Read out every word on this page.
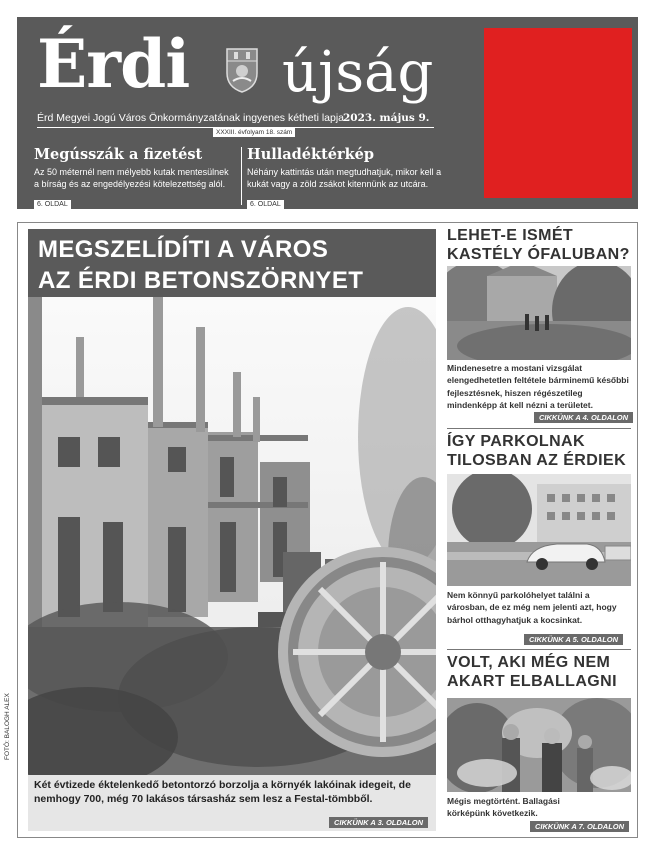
Érdi újság
Érd Megyei Jogú Város Önkormányzatának ingyenes kétheti lapja
2023. május 9.
XXXIII. évfolyam 18. szám
Megússzák a fizetést

Az 50 méternél nem mélyebb kutak mentesülnek a bírság és az engedélyezési kötelezettség alól.

6. OLDAL
Hulladéktérkép

Néhány kattintás után megtudhatjuk, mikor kell a kukát vagy a zöld zsákot kitennünk az utcára.

6. OLDAL
MEGSZELÍDÍTI A VÁROS
AZ ÉRDI BETONSZÖRNYET

Két évtizede éktelenkedő betontorzó borzolja a környék lakóinak idegeit, de nemhogy 700, még 70 lakásos társasház sem lesz a Festal-tömbből.

CIKKÜNK A 3. OLDALON
FOTÓ: BALOGH ALEX
LEHET-E ISMÉT
KASTÉLY ÓFALUBAN?

Mindenesetre a mostani vizsgálat elengedhetetlen feltétele bárminemű későbbi fejlesztésnek, hiszen régészetileg mindenképp át kell nézni a területet.

CIKKÜNK A 4. OLDALON
ÍGY PARKOLNAK
TILOSBAN AZ ÉRDIEK

Nem könnyű parkolóhelyet találni a városban, de ez még nem jelenti azt, hogy bárhol otthagyhatjuk a kocsinkat.

CIKKÜNK A 5. OLDALON
VOLT, AKI MÉG NEM
AKART ELBALLAGNI

Mégis megtörtént. Ballagási körképünk következik.

CIKKÜNK A 7. OLDALON
